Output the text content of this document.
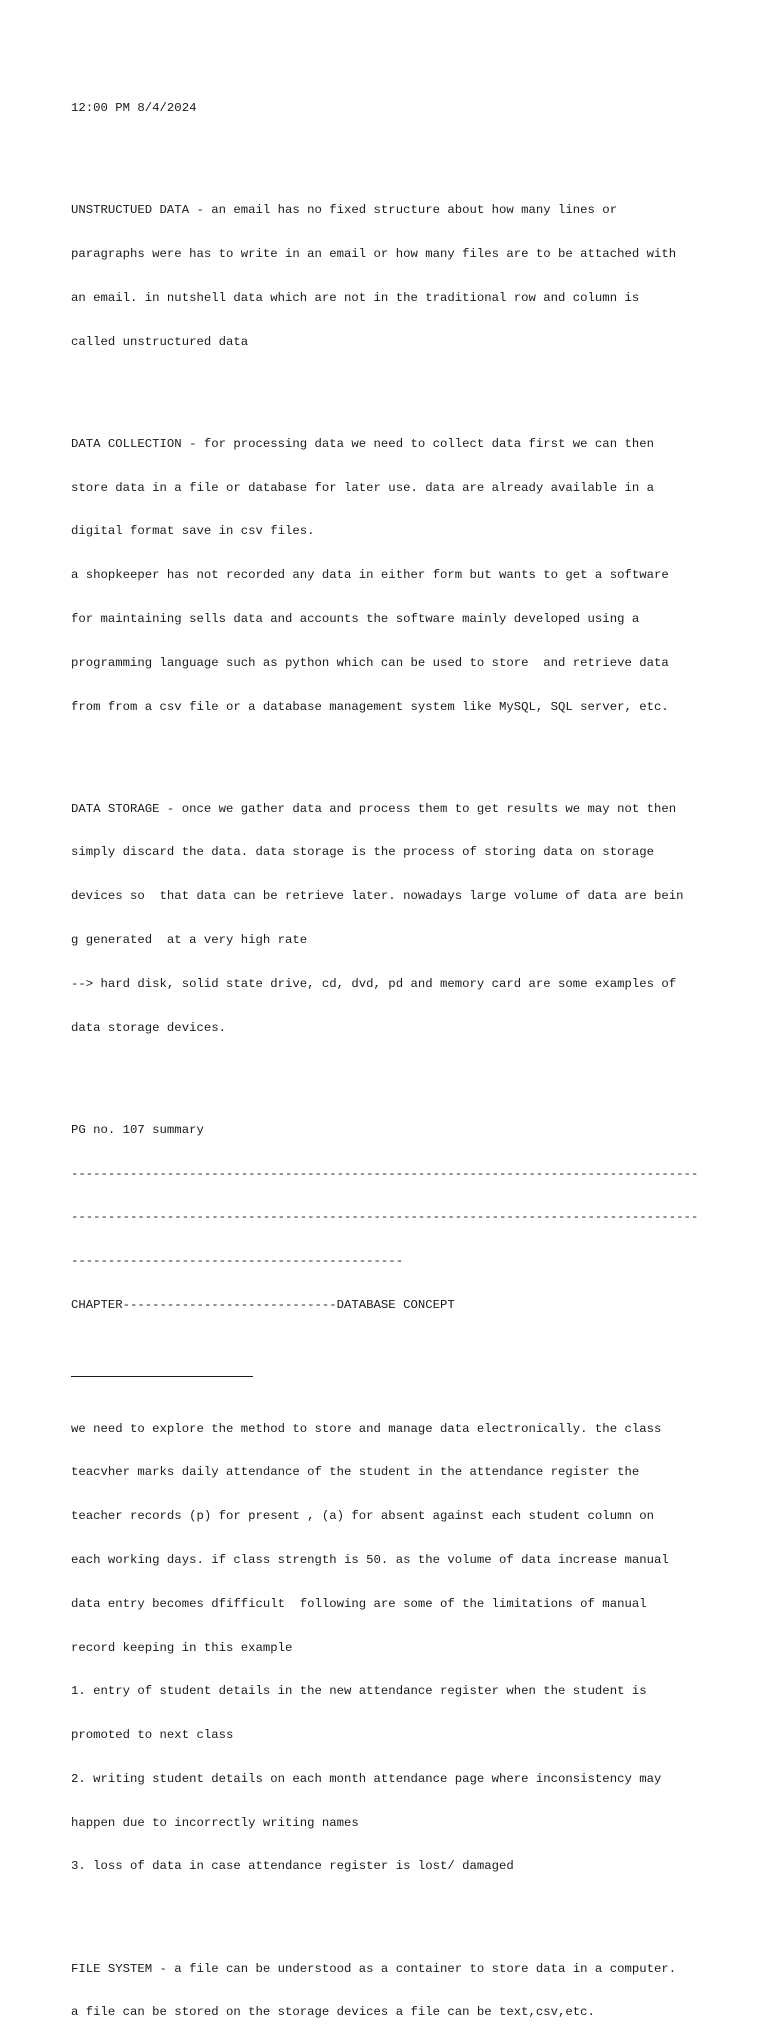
12:00 PM 8/4/2024

UNSTRUCTUED DATA - an email has no fixed structure about how many lines or

paragraphs were has to write in an email or how many files are to be attached with

an email. in nutshell data which are not in the traditional row and column is

called unstructured data

DATA COLLECTION - for processing data we need to collect data first we can then

store data in a file or database for later use. data are already available in a

digital format save in csv files.

a shopkeeper has not recorded any data in either form but wants to get a software

for maintaining sells data and accounts the software mainly developed using a

programming language such as python which can be used to store  and retrieve data

from from a csv file or a database management system like MySQL, SQL server, etc.

DATA STORAGE - once we gather data and process them to get results we may not then

simply discard the data. data storage is the process of storing data on storage

devices so  that data can be retrieve later. nowadays large volume of data are bein

g generated  at a very high rate

--> hard disk, solid state drive, cd, dvd, pd and memory card are some examples of

data storage devices.

PG no. 107 summary

-------------------------------------------------------------------------------------

-------------------------------------------------------------------------------------

---------------------------------------------

CHAPTER-----------------------------DATABASE CONCEPT

we need to explore the method to store and manage data electronically. the class

teacvher marks daily attendance of the student in the attendance register the

teacher records (p) for present , (a) for absent against each student column on

each working days. if class strength is 50. as the volume of data increase manual

data entry becomes dfifficult  following are some of the limitations of manual

record keeping in this example

1. entry of student details in the new attendance register when the student is

promoted to next class

2. writing student details on each month attendance page where inconsistency may

happen due to incorrectly writing names

3. loss of data in case attendance register is lost/ damaged

FILE SYSTEM - a file can be understood as a container to store data in a computer.

a file can be stored on the storage devices a file can be text,csv,etc.
